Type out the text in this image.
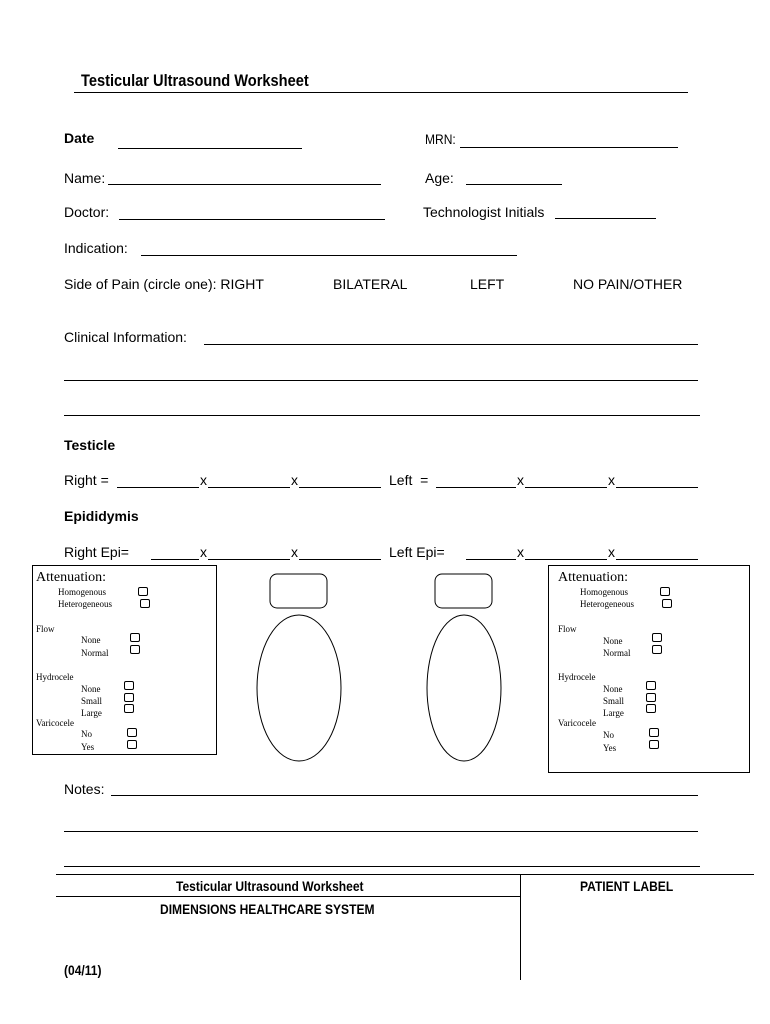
Testicular Ultrasound Worksheet
Date	MRN:
Name:	Age:
Doctor:	Technologist Initials
Indication:
Side of Pain (circle one): RIGHT	BILATERAL	LEFT	NO PAIN/OTHER
Clinical Information:
Testicle
Right =	x	x	Left  =	x	x
Epididymis
Right Epi=	x	x	Left Epi=	x	x
Attenuation:
Homogenous
Heterogeneous
Flow
None
Normal
Hydrocele
None
Small
Large
Varicocele
No
Yes
Attenuation:
Homogenous
Heterogeneous
Flow
None
Normal
Hydrocele
None
Small
Large
Varicocele
No
Yes
Notes:
Testicular Ultrasound Worksheet
DIMENSIONS HEALTHCARE SYSTEM
PATIENT LABEL
(04/11)
